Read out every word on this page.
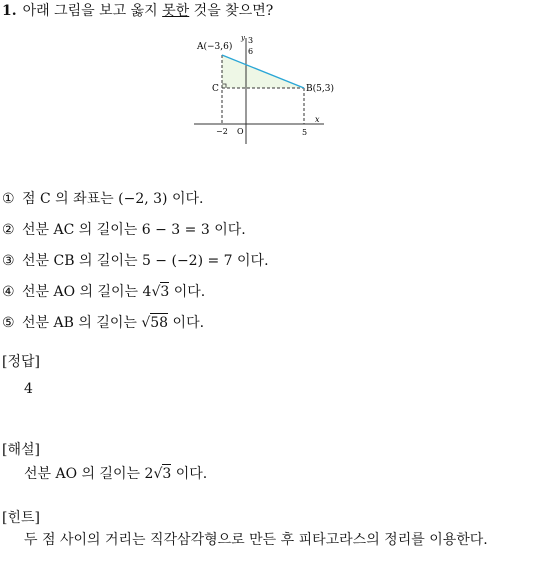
1. 아래 그림을 보고 옳지 못한 것을 찾으면?
A(−3,6)
B(5,3)
C
6
3
−2 O	5
x
y
① 점 C 의 좌표는 (−2, 3) 이다.
② 선분 AC 의 길이는 6 − 3 = 3 이다.
③ 선분 CB 의 길이는 5 − (−2) = 7 이다.
④ 선분 AO 의 길이는 4√3 이다.
⑤ 선분 AB 의 길이는 √58 이다.
[정답]
4
[해설]
선분 AO 의 길이는 2√3 이다.
[힌트]
두 점 사이의 거리는 직각삼각형으로 만든 후 피타고라스의 정리를 이용한다.
